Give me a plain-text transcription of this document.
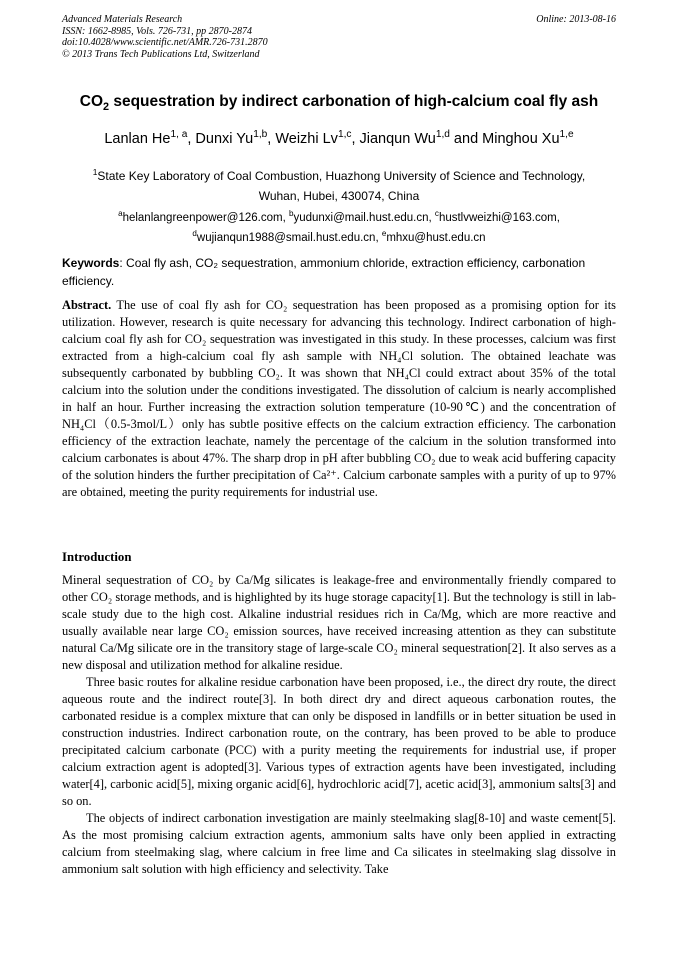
Advanced Materials Research
ISSN: 1662-8985, Vols. 726-731, pp 2870-2874
doi:10.4028/www.scientific.net/AMR.726-731.2870
© 2013 Trans Tech Publications Ltd, Switzerland
Online: 2013-08-16
$CO_2$ sequestration by indirect carbonation of high-calcium coal fly ash
Lanlan He$^{1, a}$, Dunxi Yu$^{1,b}$, Weizhi Lv$^{1,c}$, Jianqun Wu$^{1,d}$ and Minghou Xu$^{1,e}$
$^1$State Key Laboratory of Coal Combustion, Huazhong University of Science and Technology,
Wuhan, Hubei, 430074, China
$^a$helanlangreenpower@126.com, $^b$yudunxi@mail.hust.edu.cn, $^c$hustlvweizhi@163.com,
$^d$wujianqun1988@smail.hust.edu.cn, $^e$mhxu@hust.edu.cn
Keywords: Coal fly ash, CO₂ sequestration, ammonium chloride, extraction efficiency, carbonation efficiency.
Abstract. The use of coal fly ash for CO₂ sequestration has been proposed as a promising option for its utilization. However, research is quite necessary for advancing this technology. Indirect carbonation of high-calcium coal fly ash for CO₂ sequestration was investigated in this study. In these processes, calcium was first extracted from a high-calcium coal fly ash sample with NH₄Cl solution. The obtained leachate was subsequently carbonated by bubbling CO₂. It was shown that NH₄Cl could extract about 35% of the total calcium into the solution under the conditions investigated. The dissolution of calcium is nearly accomplished in half an hour. Further increasing the extraction solution temperature (10-90℃) and the concentration of NH₄Cl（0.5-3mol/L）only has subtle positive effects on the calcium extraction efficiency. The carbonation efficiency of the extraction leachate, namely the percentage of the calcium in the solution transformed into calcium carbonates is about 47%. The sharp drop in pH after bubbling CO₂ due to weak acid buffering capacity of the solution hinders the further precipitation of Ca²⁺. Calcium carbonate samples with a purity of up to 97% are obtained, meeting the purity requirements for industrial use.
Introduction

Mineral sequestration of CO₂ by Ca/Mg silicates is leakage-free and environmentally friendly compared to other CO₂ storage methods, and is highlighted by its huge storage capacity[1]. But the technology is still in lab-scale study due to the high cost. Alkaline industrial residues rich in Ca/Mg, which are more reactive and usually available near large CO₂ emission sources, have received increasing attention as they can substitute natural Ca/Mg silicate ore in the transitory stage of large-scale CO₂ mineral sequestration[2]. It also serves as a new disposal and utilization method for alkaline residue.

Three basic routes for alkaline residue carbonation have been proposed, i.e., the direct dry route, the direct aqueous route and the indirect route[3]. In both direct dry and direct aqueous carbonation routes, the carbonated residue is a complex mixture that can only be disposed in landfills or in better situation be used in construction industries. Indirect carbonation route, on the contrary, has been proved to be able to produce precipitated calcium carbonate (PCC) with a purity meeting the requirements for industrial use, if proper calcium extraction agent is adopted[3]. Various types of extraction agents have been investigated, including water[4], carbonic acid[5], mixing organic acid[6], hydrochloric acid[7], acetic acid[3], ammonium salts[3] and so on.

The objects of indirect carbonation investigation are mainly steelmaking slag[8-10] and waste cement[5]. As the most promising calcium extraction agents, ammonium salts have only been applied in extracting calcium from steelmaking slag, where calcium in free lime and Ca silicates in steelmaking slag dissolve in ammonium salt solution with high efficiency and selectivity. Take
